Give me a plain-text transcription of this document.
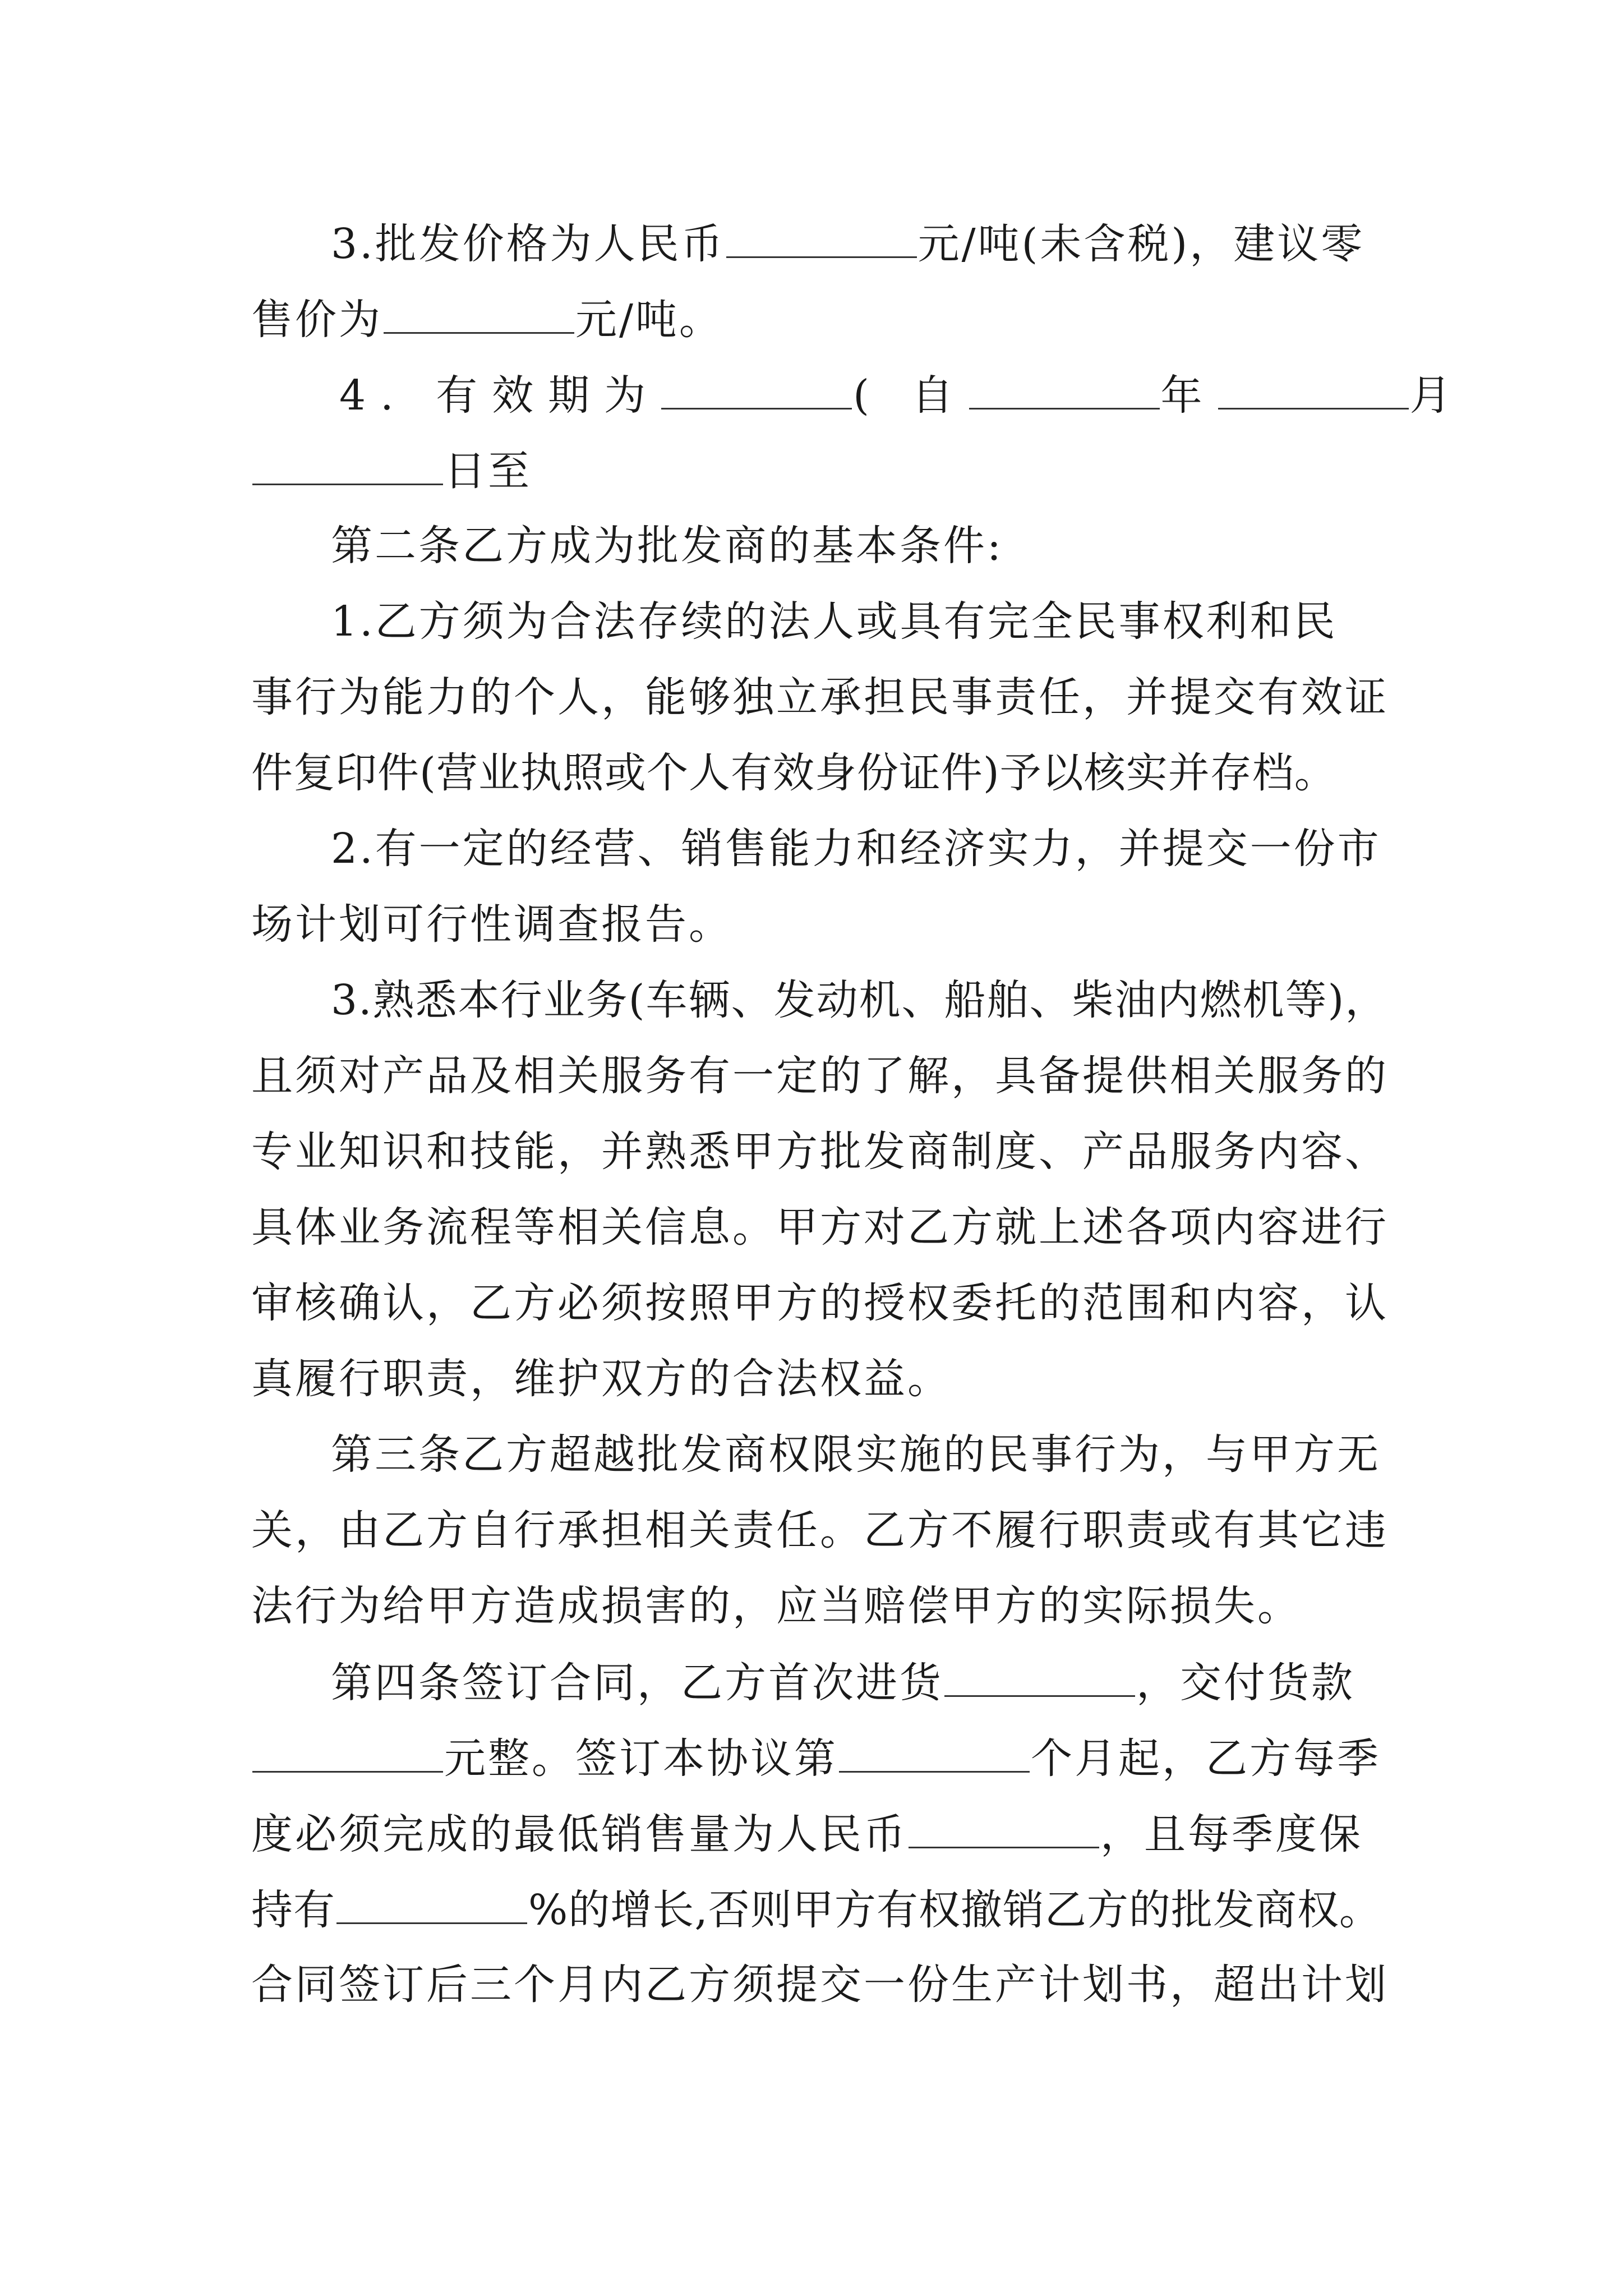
3.批发价格为人民币	元/吨(未含税)，建议零
售价为	元/吨。
4. 有效期为	( 自	年	月
日至
第二条乙方成为批发商的基本条件:
1.乙方须为合法存续的法人或具有完全民事权利和民
事行为能力的个人，能够独立承担民事责任，并提交有效证
件复印件(营业执照或个人有效身份证件)予以核实并存档。
2.有一定的经营、销售能力和经济实力，并提交一份市
场计划可行性调查报告。
3.熟悉本行业务(车辆、发动机、船舶、柴油内燃机等)，
且须对产品及相关服务有一定的了解，具备提供相关服务的
专业知识和技能，并熟悉甲方批发商制度、产品服务内容、
具体业务流程等相关信息。甲方对乙方就上述各项内容进行
审核确认，乙方必须按照甲方的授权委托的范围和内容，认
真履行职责，维护双方的合法权益。
第三条乙方超越批发商权限实施的民事行为，与甲方无
关，由乙方自行承担相关责任。乙方不履行职责或有其它违
法行为给甲方造成损害的，应当赔偿甲方的实际损失。
第四条签订合同，乙方首次进货	，交付货款
元整。签订本协议第	个月起，乙方每季
度必须完成的最低销售量为人民币	，且每季度保
持有	%的增长,否则甲方有权撤销乙方的批发商权。
合同签订后三个月内乙方须提交一份生产计划书，超出计划
